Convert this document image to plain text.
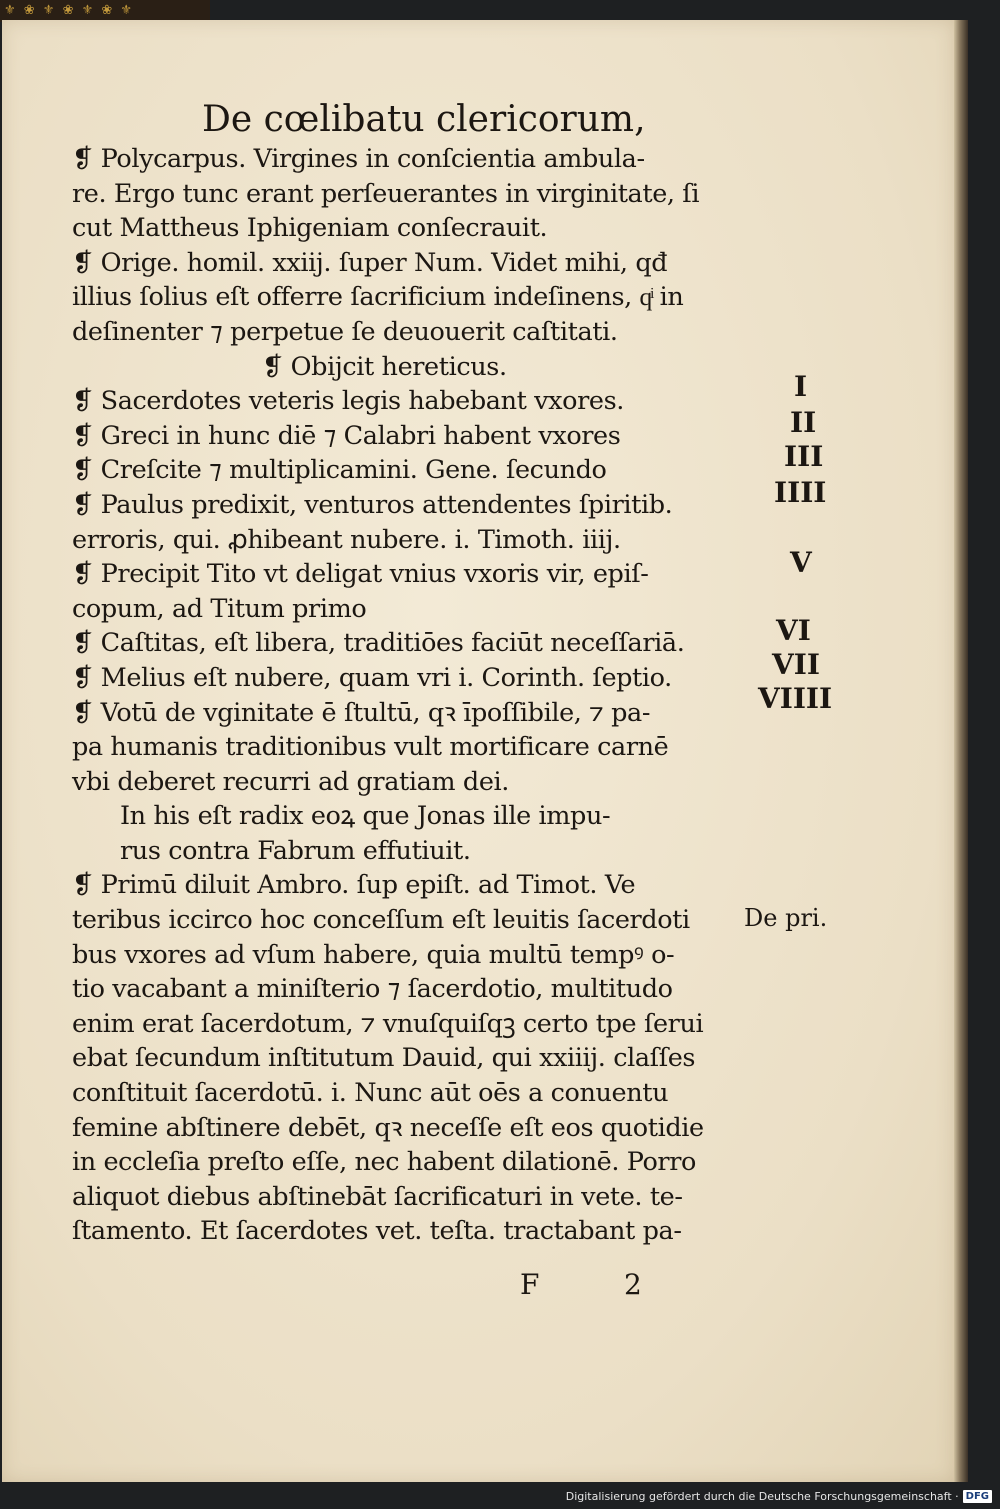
⚜ ❀ ⚜ ❀ ⚜ ❀ ⚜
De cœlibatu clericorum,
❡ Polycarpus. Virgines in conſcientia ambula-
re. Ergo tunc erant perſeuerantes in virginitate, ſi
cut Mattheus Iphigeniam conſecrauit.
❡ Orige. homil. xxiij. ſuper Num. Videt mihi, qđ
illius ſolius eſt offerre ſacrificium indeſinens, qͥ in
deſinenter ⁊ perpetue ſe deuouerit caſtitati.
❡ Obijcit hereticus.
❡ Sacerdotes veteris legis habebant vxores.
❡ Greci in hunc diē ⁊ Calabri habent vxores
❡ Creſcite ⁊ multiplicamini. Gene. ſecundo
❡ Paulus predixit, venturos attendentes ſpiritib.
erroris, qui. ꝓhibeant nubere. i. Timoth. iiij.
❡ Precipit Tito vt deligat vnius vxoris vir, epiſ-
copum, ad Titum primo
❡ Caſtitas, eſt libera, traditiōes faciūt neceſſariā.
❡ Melius eſt nubere, quam vri i. Corinth. ſeptio.
❡ Votū de vginitate ē ſtultū, qꝛ īpoſſibile, ⁊ pa-
pa humanis traditionibus vult mortificare carnē
vbi deberet recurri ad gratiam dei.
In his eſt radix eoꝝ que Jonas ille impu-
rus contra Fabrum effutiuit.
❡ Primū diluit Ambro. ſup epiſt. ad Timot. Ve
teribus iccirco hoc conceſſum eſt leuitis ſacerdoti
bus vxores ad vſum habere, quia multū tempꝰ o-
tio vacabant a miniſterio ⁊ ſacerdotio, multitudo
enim erat ſacerdotum, ⁊ vnuſquiſqꝫ certo tpe ſerui
ebat ſecundum inſtitutum Dauid, qui xxiiij. claſſes
conſtituit ſacerdotū. i. Nunc aūt oēs a conuentu
femine abſtinere debēt, qꝛ neceſſe eſt eos quotidie
in eccleſia preſto eſſe, nec habent dilationē. Porro
aliquot diebus abſtinebāt ſacrificaturi in vete. te-
ſtamento. Et ſacerdotes vet. teſta. tractabant pa-
I
II
III
IIII
V
VI
VII
VIIII
De pri.
F	2
Digitalisierung gefördert durch die Deutsche Forschungsgemeinschaft · DFG
